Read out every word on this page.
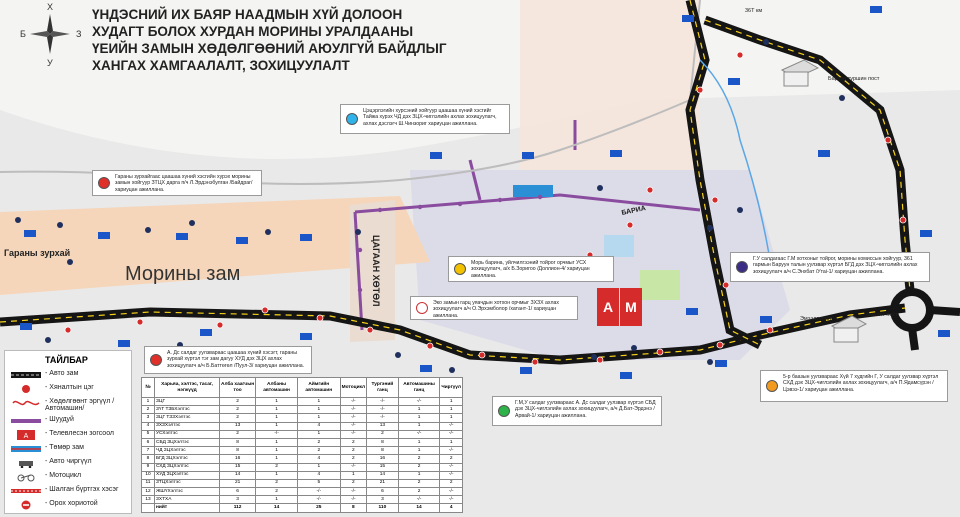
А М
Морины зам
Гараны зурхай	ЦАГААН ХӨТӨЛ
БАРИА
Баруун туршин пост
Эмээлт пост
Эмээлт пост
36Т км
Х
У
Б	З
ҮНДЭСНИЙ ИХ БАЯР НААДМЫН ХҮЙ ДОЛООН
ХУДАГТ БОЛОХ ХУРДАН МОРИНЫ УРАЛДААНЫ
ҮЕИЙН ЗАМЫН ХӨДӨЛГӨӨНИЙ АЮУЛГҮЙ БАЙДЛЫГ
ХАНГАХ ХАМГААЛАЛТ, ЗОХИЦУУЛАЛТ
Цэцэрлэгийн хурсэний хойгуур цаашаа хүний хэсгийг Тайжа хурэх ЧД дэх ЗЦХ-чиглэлийн ахлах зохицуулагч, ахлах дэслэгч Ш.Чинзориг хариуцан ажиллана.
Гараны зурхайгаас цаашаа хүний хэсгийн хурэх морины замын хойгуур ЗТЦХ дарга п/ч Л.Эрдэнэбулган /Байдраг/ хариуцан ажиллана.
Морь барина, уйлчилгээний тойрог орчмыг УСХ зохицуулагч, а/х Б.Зоригоо /Доллион-4/ хариуцан ажиллана.
Эко замын гарц уяачдын хотхон орчмыг ЗХЗХ ахлах зохицуулагч а/ч О.Эрхэмболор /хатант-1/ хариуцан ажиллана.
Г.У салдагаас Г.М хотхоныг тойрог, морины комиссын хойгуур, 361 гармын Баруун талын уулзвар хүртэл БГД дэх ЗЦХ-чиглэлийн ахлах зохицуулагч а/ч С.Энхбат /Утаі-1/ хариуцан ажиллана.
А. Дс салдаг уулзвараас цаашаа хүний хэсэгт, гараны зурхай хүртэл тэг зам дагуу ХУД дэх ЗЦХ ахлах зохицуулагч а/ч Б.Баттөгөл /Пуул-3/ хариуцан ажиллана.
Г.М,У салдаг уулзвараас А. Дс салдаг уулзвар хүртэл СБД дэх ЗЦХ-чиглэлийн ахлах зохицуулагч, а/ч Д.Бат-Эрдэнэ /Арвай-1/ хариуцан ажиллана.
5-р баазын уулзвараас Хүй 7 худгийн Г, У салдаг уулзвар хүртэл СХД дэх ЗЦХ-чиглэлийн ахлах зохицуулагч, а/ч П.Ядамсүрэн / Цэвээ-1/ хариуцан ажиллана.
ТАЙЛБАР
- Авто зам
- Хяналтын цэг
- Хөдөлгөөнт эргүүл /Автомашин/
- Шуудуй
A - Телевлесэн зогсоол
- Төмөр зам
- Авто чиргүүл
- Мотоцикл
- Шалган бүртгэх хэсэг
- Орох хориотой
№	Харьяа, хэлтэс, тасаг, нэгжүүд	Алба хаагчын тоо	Албаны автомашин	Аймгийн автомашин	Мотоцикл	Тургэний ганц	Автомашины ганц	Чиргүүл
1	ЗЦГ	2	1	1	-/-	-/-	-/-	1
2	ЗҮГ ТЗБХэлтэс	2	1	1	-/-	-/-	1	1
3	ЗЦГ ТЗЗХэлтэс	2	1	1	-/-	-/-	1	1
4	ЗХЗХэлтэс	13	1	4	-/-	13	1	-/-
5	УСХэлтэс	2	-/-	1	-/-	2	-/-	-/-
6	СБД ЗЦХэлтэс	8	1	2	2	8	1	1
7	ЧД ЗЦХэлтэс	8	1	2	2	8	1	-/-
8	БГД ЗЦХэлтэс	16	1	4	2	16	2	2
9	СХД ЗЦХэлтэс	15	2	1	-/-	15	2	-/-
10	ХУД ЗЦХэлтэс	14	1	4	1	14	1	-/-
11	ЗТЦХэлтэс	21	2	5	2	21	2	2
12	ЖШҮХэлтэс	6	2	-/-	-/-	6	2	-/-
13	ЗХТХА	3	1	-/-	-/-	3	-/-	-/-
	нийт	112	14	25	8	110	14	4
